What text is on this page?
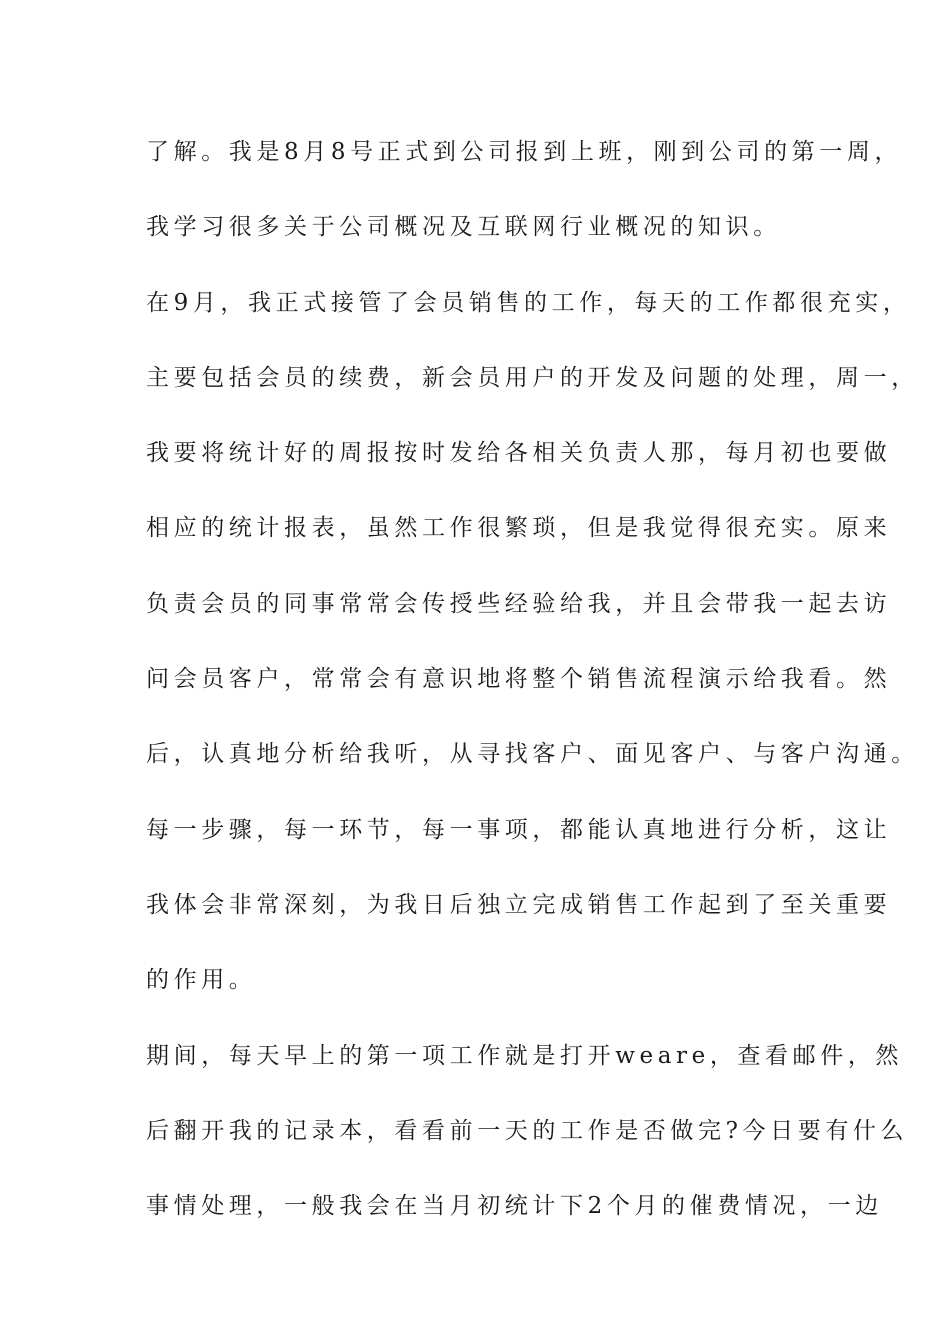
了解。我是8月8号正式到公司报到上班，刚到公司的第一周，
我学习很多关于公司概况及互联网行业概况的知识。
在9月，我正式接管了会员销售的工作，每天的工作都很充实，
主要包括会员的续费，新会员用户的开发及问题的处理，周一，
我要将统计好的周报按时发给各相关负责人那，每月初也要做
相应的统计报表，虽然工作很繁琐，但是我觉得很充实。原来
负责会员的同事常常会传授些经验给我，并且会带我一起去访
问会员客户，常常会有意识地将整个销售流程演示给我看。然
后，认真地分析给我听，从寻找客户、面见客户、与客户沟通。
每一步骤，每一环节，每一事项，都能认真地进行分析，这让
我体会非常深刻，为我日后独立完成销售工作起到了至关重要
的作用。
期间，每天早上的第一项工作就是打开weare，查看邮件，然
后翻开我的记录本，看看前一天的工作是否做完?今日要有什么
事情处理，一般我会在当月初统计下2个月的催费情况，一边
